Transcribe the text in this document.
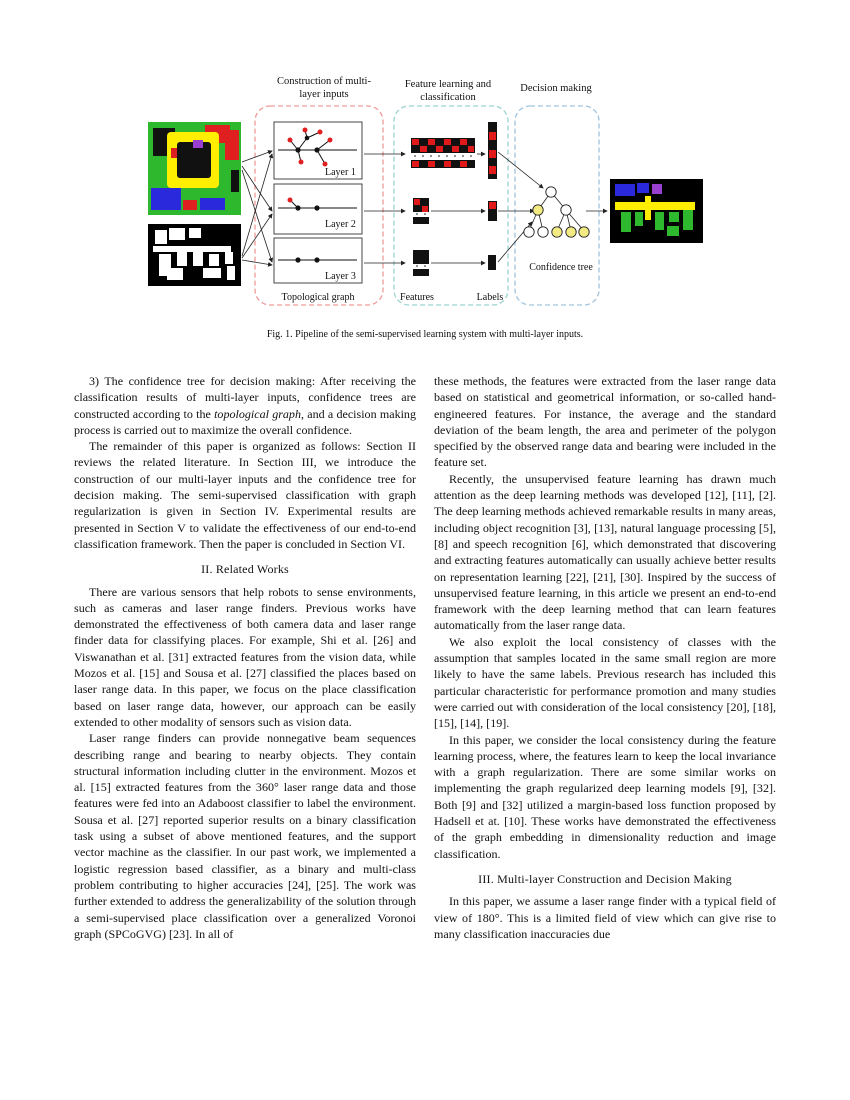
Construction of multi-
layer inputs
Feature learning and
classification
Decision making
Layer 1
Layer 2
Layer 3
Topological graph	Features	Labels
Confidence tree
Fig. 1. Pipeline of the semi-supervised learning system with multi-layer inputs.

3) The confidence tree for decision making: After receiving the classification results of multi-layer inputs, confidence trees are constructed according to the topological graph, and a decision making process is carried out to maximize the overall confidence.

The remainder of this paper is organized as follows: Section II reviews the related literature. In Section III, we introduce the construction of our multi-layer inputs and the confidence tree for decision making. The semi-supervised classification with graph regularization is given in Section IV. Experimental results are presented in Section V to validate the effectiveness of our end-to-end classification framework. Then the paper is concluded in Section VI.

II. Related Works

There are various sensors that help robots to sense environments, such as cameras and laser range finders. Previous works have demonstrated the effectiveness of both camera data and laser range finder data for classifying places. For example, Shi et al. [26] and Viswanathan et al. [31] extracted features from the vision data, while Mozos et al. [15] and Sousa et al. [27] classified the places based on laser range data. In this paper, we focus on the place classification based on laser range data, however, our approach can be easily extended to other modality of sensors such as vision data.

Laser range finders can provide nonnegative beam sequences describing range and bearing to nearby objects. They contain structural information including clutter in the environment. Mozos et al. [15] extracted features from the 360° laser range data and those features were fed into an Adaboost classifier to label the environment. Sousa et al. [27] reported superior results on a binary classification task using a subset of above mentioned features, and the support vector machine as the classifier. In our past work, we implemented a logistic regression based classifier, as a binary and multi-class problem contributing to higher accuracies [24], [25]. The work was further extended to address the generalizability of the solution through a semi-supervised place classification over a generalized Voronoi graph (SPCoGVG) [23]. In all of

these methods, the features were extracted from the laser range data based on statistical and geometrical information, or so-called hand-engineered features. For instance, the average and the standard deviation of the beam length, the area and perimeter of the polygon specified by the observed range data and bearing were included in the feature set.

Recently, the unsupervised feature learning has drawn much attention as the deep learning methods was developed [12], [11], [2]. The deep learning methods achieved remarkable results in many areas, including object recognition [3], [13], natural language processing [5], [8] and speech recognition [6], which demonstrated that discovering and extracting features automatically can usually achieve better results on representation learning [22], [21], [30]. Inspired by the success of unsupervised feature learning, in this article we present an end-to-end framework with the deep learning method that can learn features automatically from the laser range data.

We also exploit the local consistency of classes with the assumption that samples located in the same small region are more likely to have the same labels. Previous research has included this particular characteristic for performance promotion and many studies were carried out with consideration of the local consistency [20], [18], [15], [14], [19].

In this paper, we consider the local consistency during the feature learning process, where, the features learn to keep the local invariance with a graph regularization. There are some similar works on implementing the graph regularized deep learning models [9], [32]. Both [9] and [32] utilized a margin-based loss function proposed by Hadsell et at. [10]. These works have demonstrated the effectiveness of the graph embedding in dimensionality reduction and image classification.

III. Multi-layer Construction and Decision Making

In this paper, we assume a laser range finder with a typical field of view of 180°. This is a limited field of view which can give rise to many classification inaccuracies due
